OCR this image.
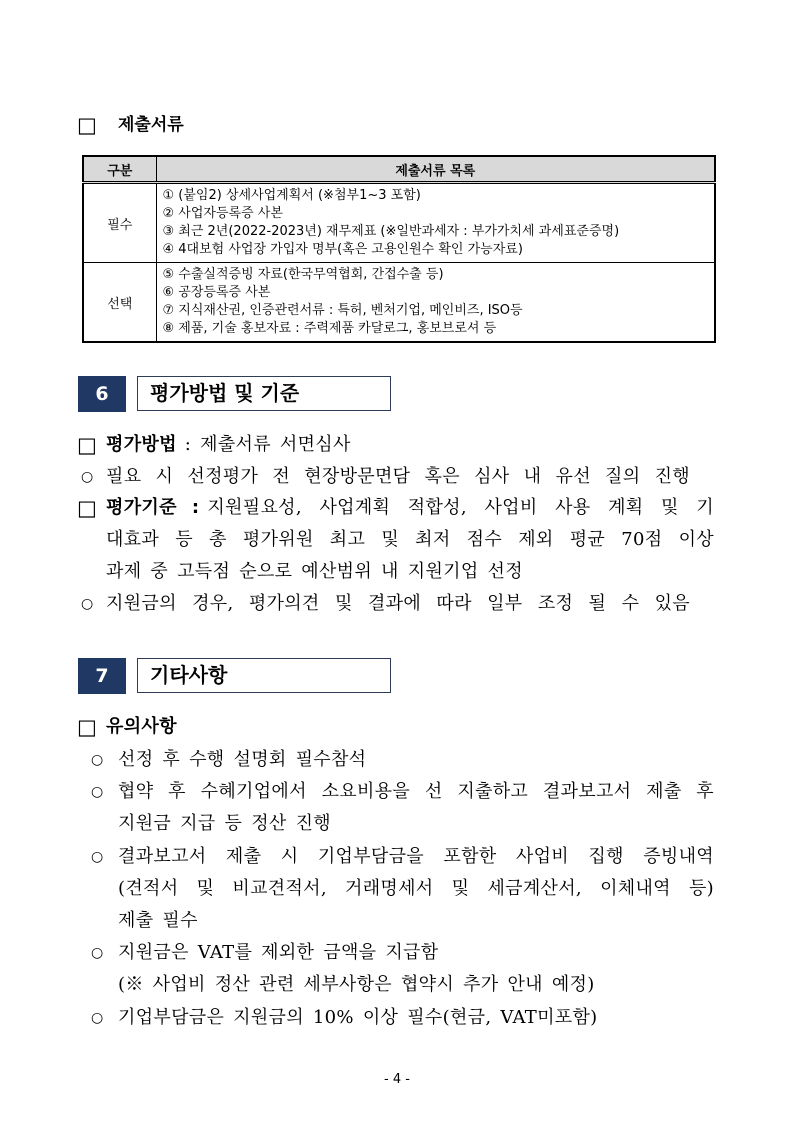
□ 제출서류
구분	제출서류 목록
필수	① (붙임2) 상세사업계획서 (※첨부1~3 포함)
② 사업자등록증 사본
③ 최근 2년(2022-2023년) 재무제표 (※일반과세자 : 부가가치세 과세표준증명)
④ 4대보험 사업장 가입자 명부(혹은 고용인원수 확인 가능자료)

선택	⑤ 수출실적증빙 자료(한국무역협회, 간접수출 등)
⑥ 공장등록증 사본
⑦ 지식재산권, 인증관련서류 : 특허, 벤처기업, 메인비즈, ISO등
⑧ 제품, 기술 홍보자료 : 주력제품 카달로그, 홍보브로셔 등
6	평가방법 및 기준
□ 평가방법 : 제출서류 서면심사
○ 필요 시 선정평가 전 현장방문면담 혹은 심사 내 유선 질의 진행
□ 평가기준 : 지원필요성, 사업계획 적합성, 사업비 사용 계획 및 기
대효과 등 총 평가위원 최고 및 최저 점수 제외 평균 70점 이상
과제 중 고득점 순으로 예산범위 내 지원기업 선정
○ 지원금의 경우, 평가의견 및 결과에 따라 일부 조정 될 수 있음
7	기타사항
□ 유의사항
○ 선정 후 수행 설명회 필수참석
○ 협약 후 수혜기업에서 소요비용을 선 지출하고 결과보고서 제출 후
지원금 지급 등 정산 진행
○ 결과보고서 제출 시 기업부담금을 포함한 사업비 집행 증빙내역
(견적서 및 비교견적서, 거래명세서 및 세금계산서, 이체내역 등)
제출 필수
○ 지원금은 VAT를 제외한 금액을 지급함
(※ 사업비 정산 관련 세부사항은 협약시 추가 안내 예정)
○ 기업부담금은 지원금의 10% 이상 필수(현금, VAT미포함)
- 4 -
